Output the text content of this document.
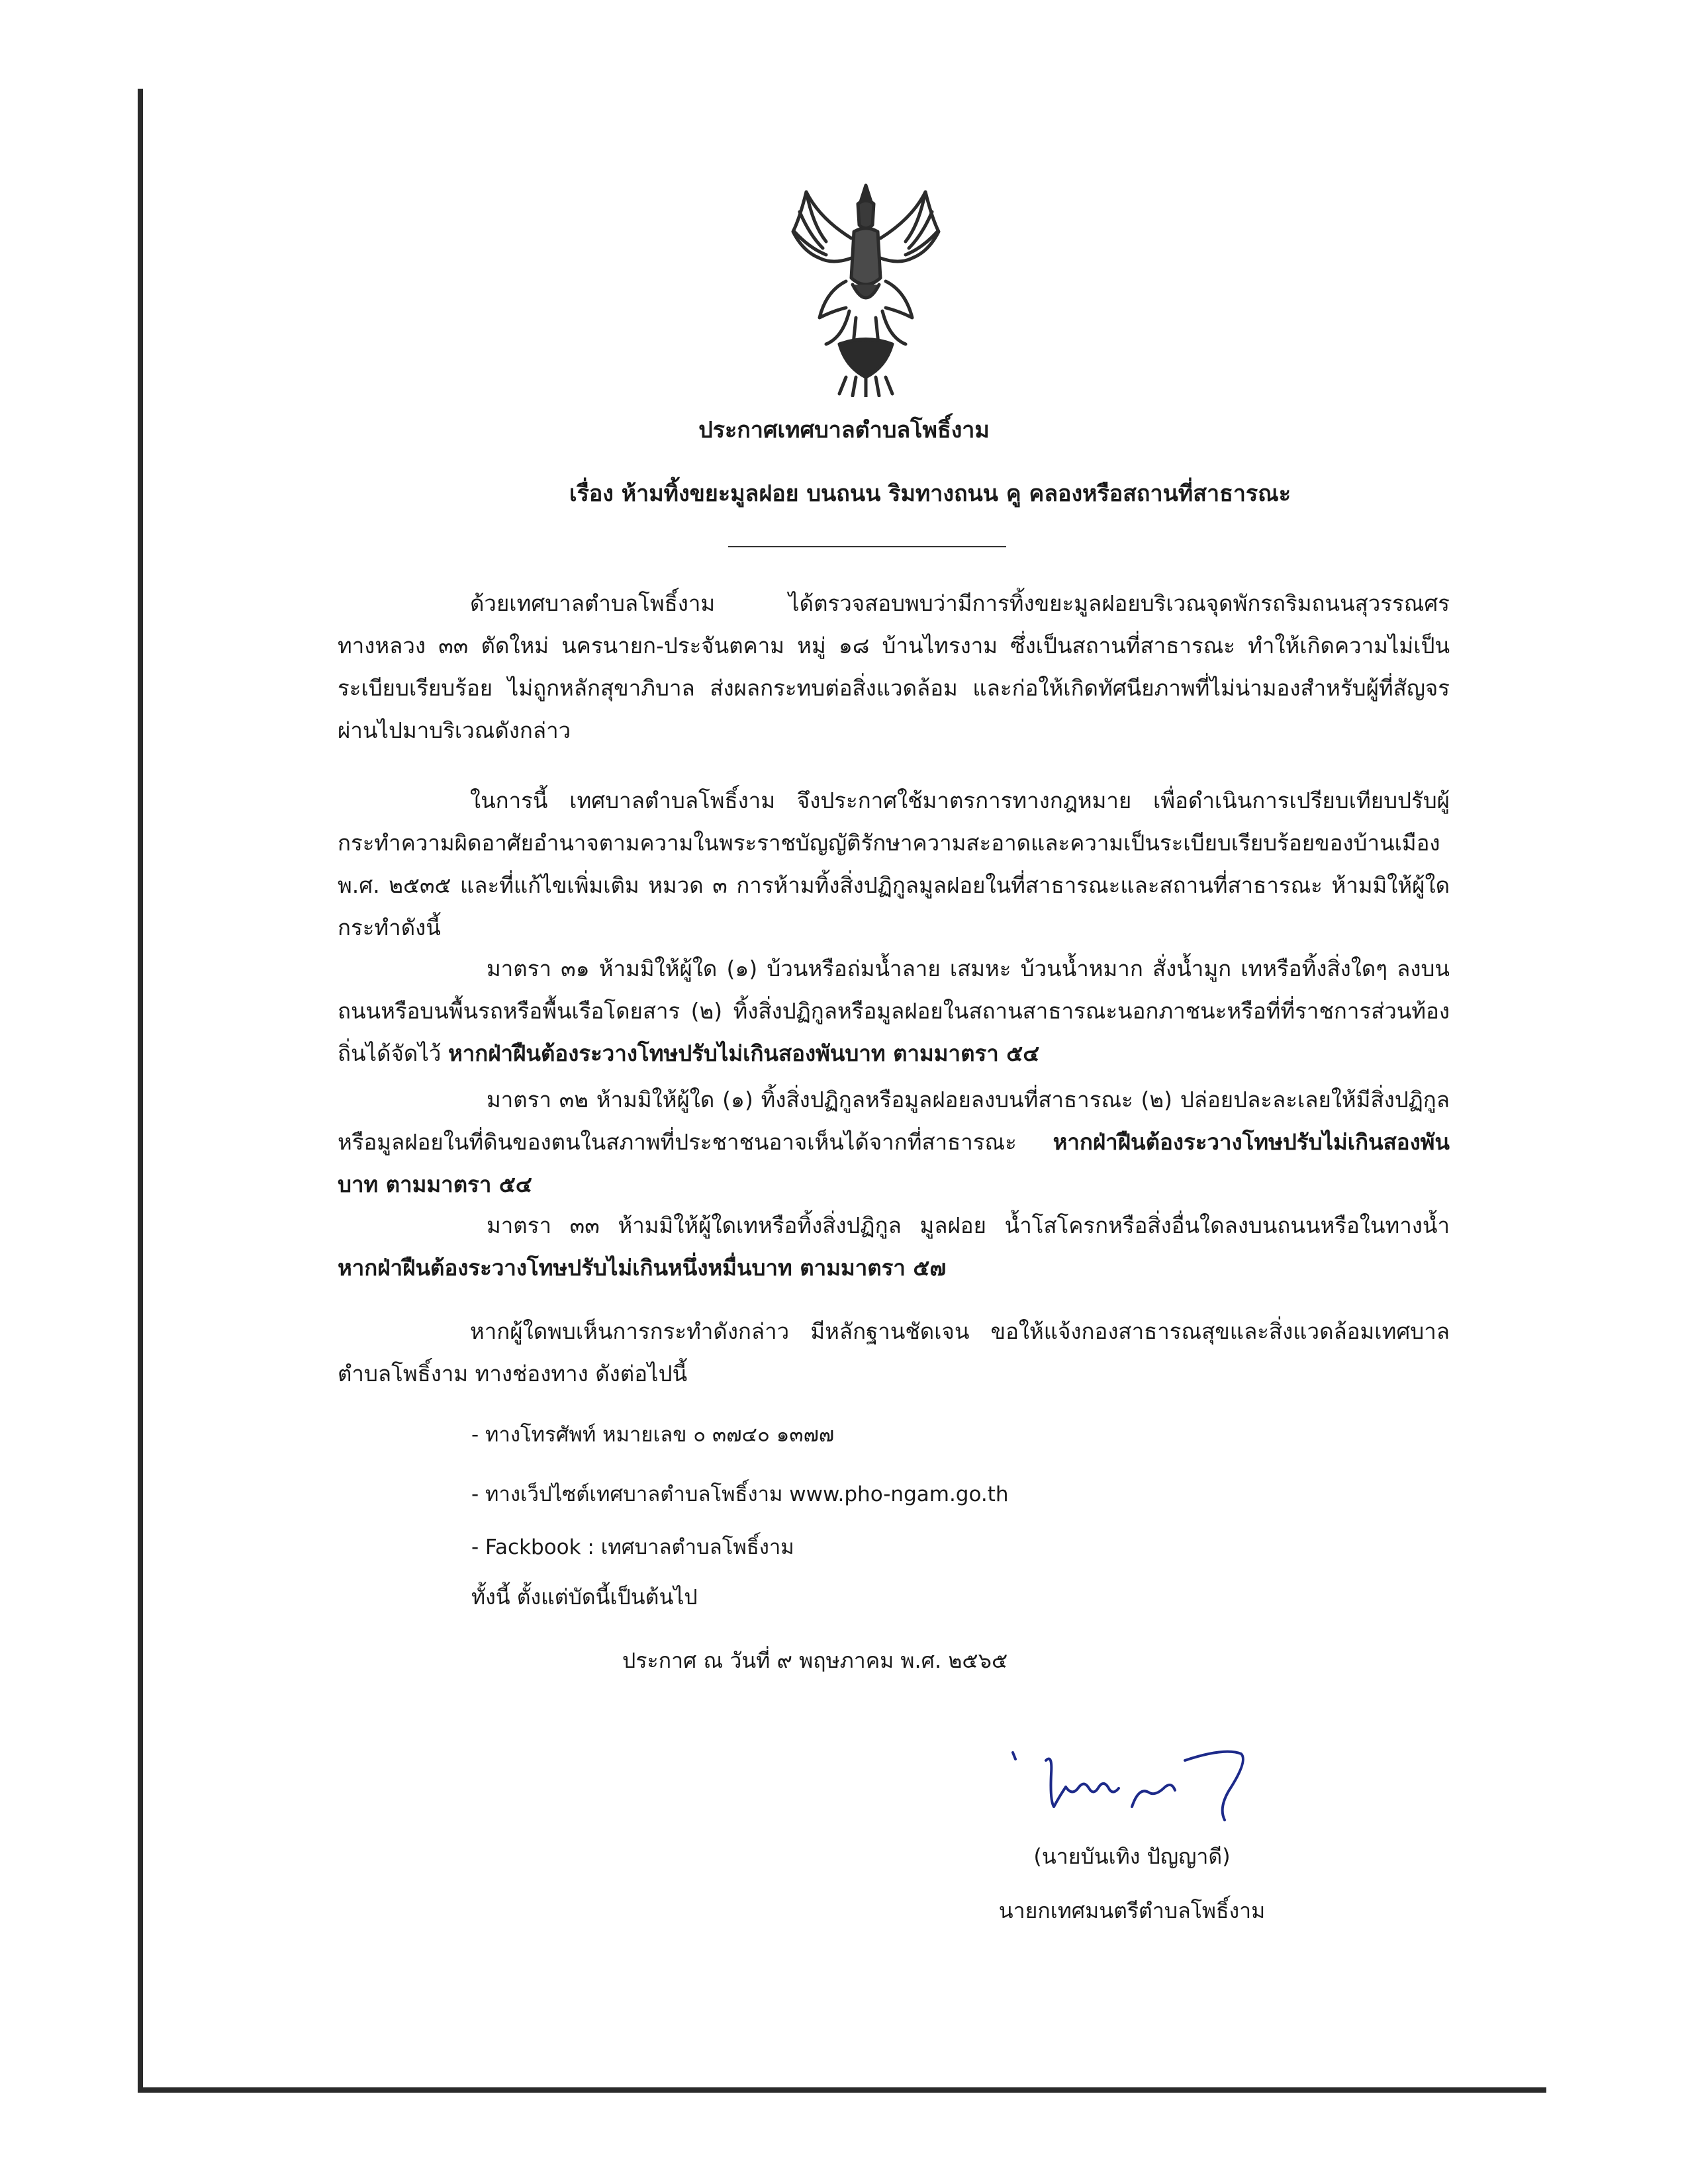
ประกาศเทศบาลตำบลโพธิ์งาม
เรื่อง ห้ามทิ้งขยะมูลฝอย บนถนน ริมทางถนน คู คลองหรือสถานที่สาธารณะ

ด้วยเทศบาลตำบลโพธิ์งาม ได้ตรวจสอบพบว่ามีการทิ้งขยะมูลฝอยบริเวณจุดพักรถริมถนนสุวรรณศร ทางหลวง ๓๓ ตัดใหม่ นครนายก-ประจันตคาม หมู่ ๑๘ บ้านไทรงาม ซึ่งเป็นสถานที่สาธารณะ ทำให้เกิดความไม่เป็นระเบียบเรียบร้อย ไม่ถูกหลักสุขาภิบาล ส่งผลกระทบต่อสิ่งแวดล้อม และก่อให้เกิดทัศนียภาพที่ไม่น่ามองสำหรับผู้ที่สัญจรผ่านไปมาบริเวณดังกล่าว

ในการนี้ เทศบาลตำบลโพธิ์งาม จึงประกาศใช้มาตรการทางกฎหมาย เพื่อดำเนินการเปรียบเทียบปรับผู้กระทำความผิดอาศัยอำนาจตามความในพระราชบัญญัติรักษาความสะอาดและความเป็นระเบียบเรียบร้อยของบ้านเมือง พ.ศ. ๒๕๓๕ และที่แก้ไขเพิ่มเติม หมวด ๓ การห้ามทิ้งสิ่งปฏิกูลมูลฝอยในที่สาธารณะและสถานที่สาธารณะ ห้ามมิให้ผู้ใด กระทำดังนี้

มาตรา ๓๑ ห้ามมิให้ผู้ใด (๑) บ้วนหรือถ่มน้ำลาย เสมหะ บ้วนน้ำหมาก สั่งน้ำมูก เทหรือทิ้งสิ่งใดๆ ลงบนถนนหรือบนพื้นรถหรือพื้นเรือโดยสาร (๒) ทิ้งสิ่งปฏิกูลหรือมูลฝอยในสถานสาธารณะนอกภาชนะหรือที่ที่ราชการส่วนท้องถิ่นได้จัดไว้ หากฝ่าฝืนต้องระวางโทษปรับไม่เกินสองพันบาท ตามมาตรา ๕๔

มาตรา ๓๒ ห้ามมิให้ผู้ใด (๑) ทิ้งสิ่งปฏิกูลหรือมูลฝอยลงบนที่สาธารณะ (๒) ปล่อยปละละเลยให้มีสิ่งปฏิกูลหรือมูลฝอยในที่ดินของตนในสภาพที่ประชาชนอาจเห็นได้จากที่สาธารณะ หากฝ่าฝืนต้องระวางโทษปรับไม่เกินสองพันบาท ตามมาตรา ๕๔

มาตรา ๓๓ ห้ามมิให้ผู้ใดเทหรือทิ้งสิ่งปฏิกูล มูลฝอย น้ำโสโครกหรือสิ่งอื่นใดลงบนถนนหรือในทางน้ำ หากฝ่าฝืนต้องระวางโทษปรับไม่เกินหนึ่งหมื่นบาท ตามมาตรา ๕๗

หากผู้ใดพบเห็นการกระทำดังกล่าว มีหลักฐานชัดเจน ขอให้แจ้งกองสาธารณสุขและสิ่งแวดล้อมเทศบาลตำบลโพธิ์งาม ทางช่องทาง ดังต่อไปนี้

- ทางโทรศัพท์ หมายเลข ๐ ๓๗๔๐ ๑๓๗๗
- ทางเว็ปไซต์เทศบาลตำบลโพธิ์งาม www.pho-ngam.go.th
- Fackbook : เทศบาลตำบลโพธิ์งาม
ทั้งนี้ ตั้งแต่บัดนี้เป็นต้นไป
ประกาศ ณ วันที่ ๙ พฤษภาคม พ.ศ. ๒๕๖๕
(นายบันเทิง ปัญญาดี)
นายกเทศมนตรีตำบลโพธิ์งาม
